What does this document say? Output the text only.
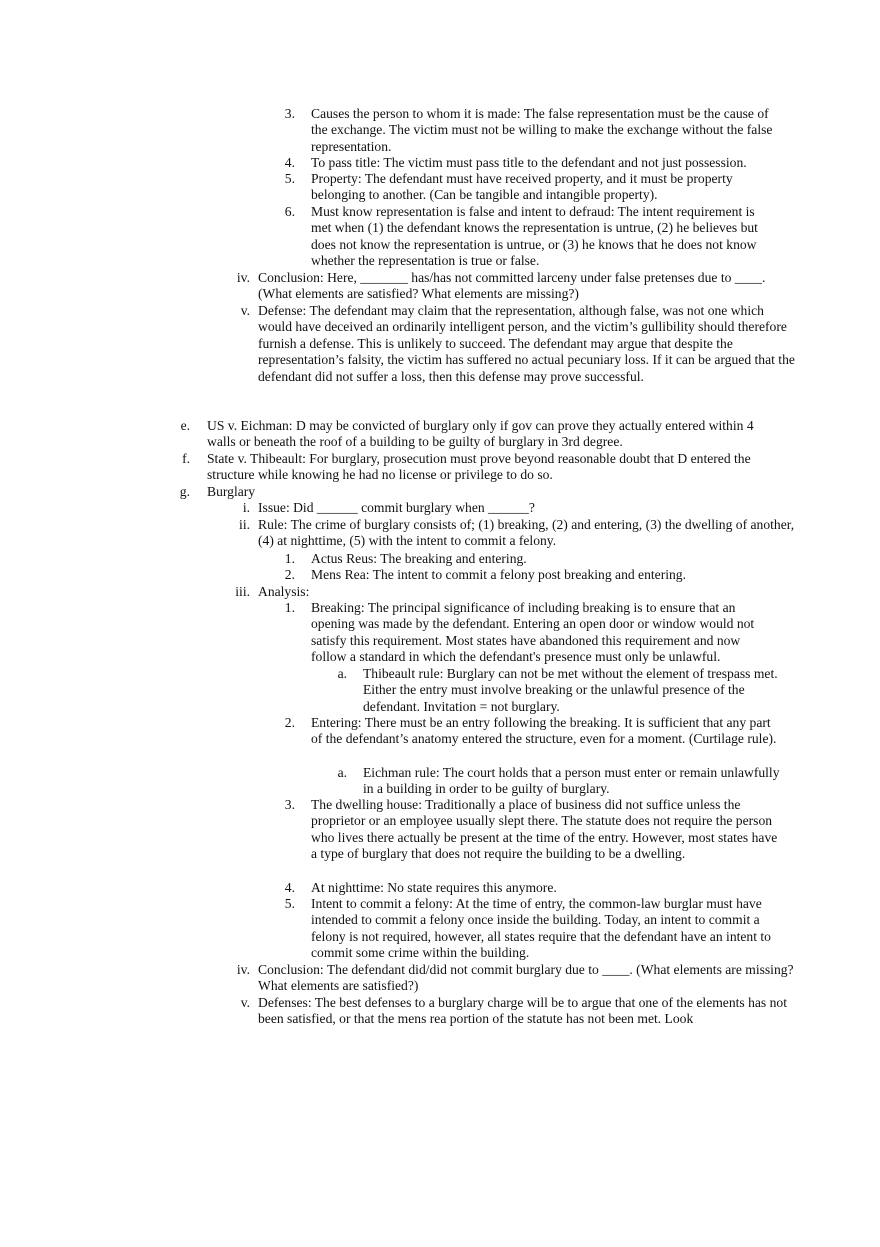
3. Causes the person to whom it is made: The false representation must be the cause of the exchange. The victim must not be willing to make the exchange without the false representation.
4. To pass title: The victim must pass title to the defendant and not just possession.
5. Property: The defendant must have received property, and it must be property belonging to another. (Can be tangible and intangible property).
6. Must know representation is false and intent to defraud: The intent requirement is met when (1) the defendant knows the representation is untrue, (2) he believes but does not know the representation is untrue, or (3) he knows that he does not know whether the representation is true or false.
iv. Conclusion: Here, _______ has/has not committed larceny under false pretenses due to ____. (What elements are satisfied? What elements are missing?)
v. Defense: The defendant may claim that the representation, although false, was not one which would have deceived an ordinarily intelligent person, and the victim’s gullibility should therefore furnish a defense. This is unlikely to succeed. The defendant may argue that despite the representation’s falsity, the victim has suffered no actual pecuniary loss. If it can be argued that the defendant did not suffer a loss, then this defense may prove successful.
e. US v. Eichman: D may be convicted of burglary only if gov can prove they actually entered within 4 walls or beneath the roof of a building to be guilty of burglary in 3rd degree.
f. State v. Thibeault: For burglary, prosecution must prove beyond reasonable doubt that D entered the structure while knowing he had no license or privilege to do so.
g. Burglary
i. Issue: Did ______ commit burglary when ______?
ii. Rule: The crime of burglary consists of; (1) breaking, (2) and entering, (3) the dwelling of another, (4) at nighttime, (5) with the intent to commit a felony.
1. Actus Reus: The breaking and entering.
2. Mens Rea: The intent to commit a felony post breaking and entering.
iii. Analysis:
1. Breaking: The principal significance of including breaking is to ensure that an opening was made by the defendant. Entering an open door or window would not satisfy this requirement. Most states have abandoned this requirement and now follow a standard in which the defendant's presence must only be unlawful.
a. Thibeault rule: Burglary can not be met without the element of trespass met. Either the entry must involve breaking or the unlawful presence of the defendant. Invitation = not burglary.
2. Entering: There must be an entry following the breaking. It is sufficient that any part of the defendant’s anatomy entered the structure, even for a moment. (Curtilage rule).
a. Eichman rule: The court holds that a person must enter or remain unlawfully in a building in order to be guilty of burglary.
3. The dwelling house: Traditionally a place of business did not suffice unless the proprietor or an employee usually slept there. The statute does not require the person who lives there actually be present at the time of the entry. However, most states have a type of burglary that does not require the building to be a dwelling.
4. At nighttime: No state requires this anymore.
5. Intent to commit a felony: At the time of entry, the common-law burglar must have intended to commit a felony once inside the building. Today, an intent to commit a felony is not required, however, all states require that the defendant have an intent to commit some crime within the building.
iv. Conclusion: The defendant did/did not commit burglary due to ____. (What elements are missing? What elements are satisfied?)
v. Defenses: The best defenses to a burglary charge will be to argue that one of the elements has not been satisfied, or that the mens rea portion of the statute has not been met. Look
